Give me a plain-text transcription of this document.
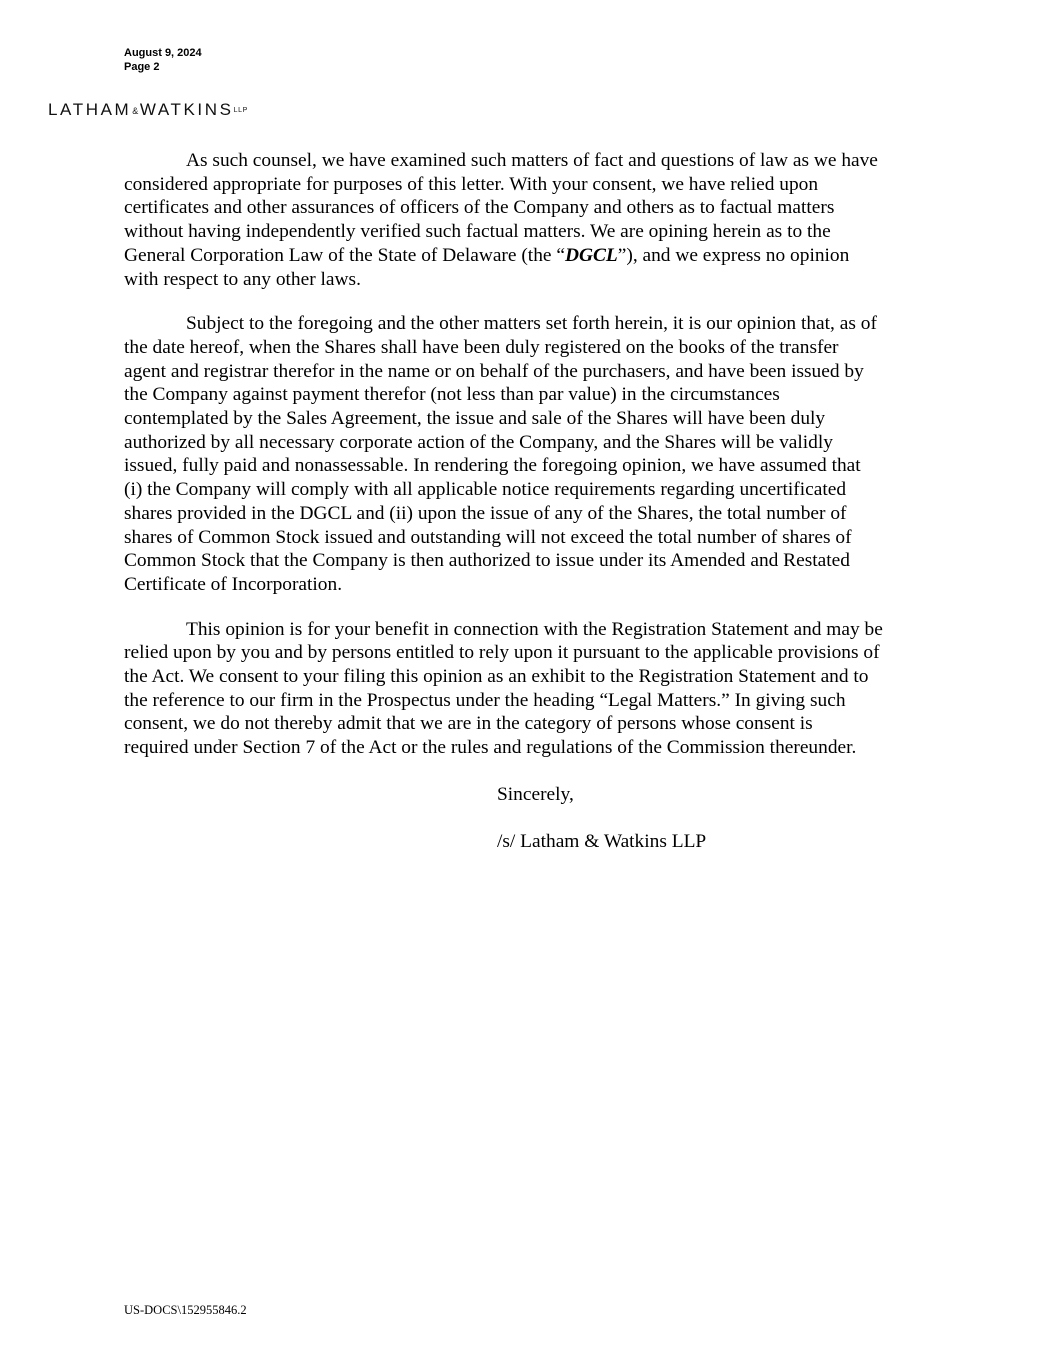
August 9, 2024
Page 2
LATHAM&WATKINSLLP
As such counsel, we have examined such matters of fact and questions of law as we have
considered appropriate for purposes of this letter. With your consent, we have relied upon
certificates and other assurances of officers of the Company and others as to factual matters
without having independently verified such factual matters. We are opining herein as to the
General Corporation Law of the State of Delaware (the “DGCL”), and we express no opinion
with respect to any other laws.
Subject to the foregoing and the other matters set forth herein, it is our opinion that, as of
the date hereof, when the Shares shall have been duly registered on the books of the transfer
agent and registrar therefor in the name or on behalf of the purchasers, and have been issued by
the Company against payment therefor (not less than par value) in the circumstances
contemplated by the Sales Agreement, the issue and sale of the Shares will have been duly
authorized by all necessary corporate action of the Company, and the Shares will be validly
issued, fully paid and nonassessable. In rendering the foregoing opinion, we have assumed that
(i) the Company will comply with all applicable notice requirements regarding uncertificated
shares provided in the DGCL and (ii) upon the issue of any of the Shares, the total number of
shares of Common Stock issued and outstanding will not exceed the total number of shares of
Common Stock that the Company is then authorized to issue under its Amended and Restated
Certificate of Incorporation.
This opinion is for your benefit in connection with the Registration Statement and may be
relied upon by you and by persons entitled to rely upon it pursuant to the applicable provisions of
the Act. We consent to your filing this opinion as an exhibit to the Registration Statement and to
the reference to our firm in the Prospectus under the heading “Legal Matters.” In giving such
consent, we do not thereby admit that we are in the category of persons whose consent is
required under Section 7 of the Act or the rules and regulations of the Commission thereunder.
Sincerely,
/s/ Latham & Watkins LLP
US-DOCS\152955846.2
